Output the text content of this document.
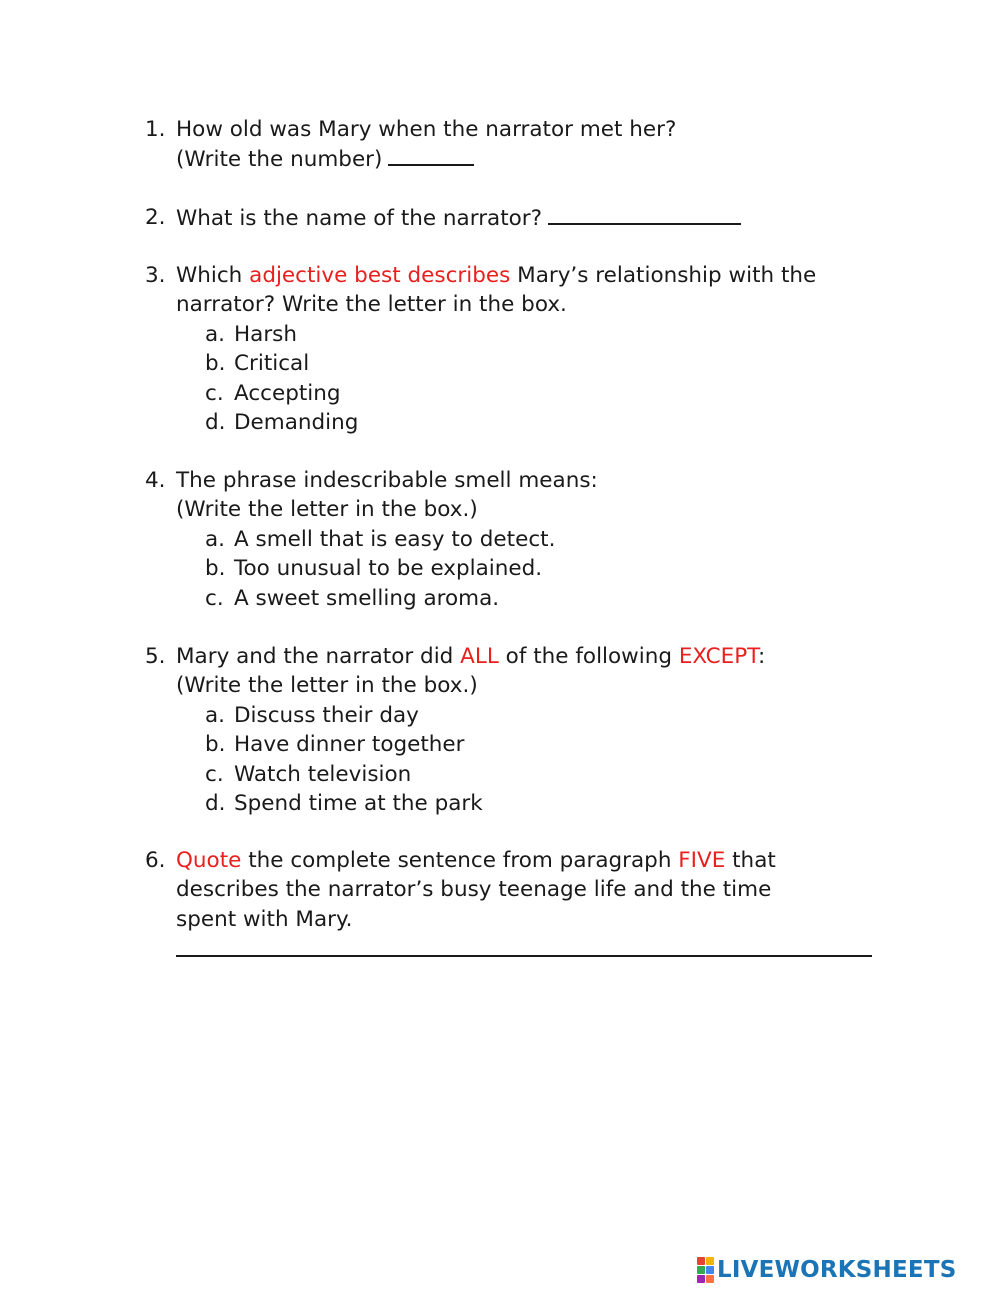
1. How old was Mary when the narrator met her?
(Write the number)
2. What is the name of the narrator?
3. Which adjective best describes Mary’s relationship with the
narrator? Write the letter in the box.
a. Harsh
b. Critical
c. Accepting
d. Demanding
4. The phrase indescribable smell means:
(Write the letter in the box.)
a. A smell that is easy to detect.
b. Too unusual to be explained.
c. A sweet smelling aroma.
5. Mary and the narrator did ALL of the following EXCEPT:
(Write the letter in the box.)
a. Discuss their day
b. Have dinner together
c. Watch television
d. Spend time at the park
6. Quote the complete sentence from paragraph FIVE that
describes the narrator’s busy teenage life and the time
spent with Mary.
LIVEWORKSHEETS
